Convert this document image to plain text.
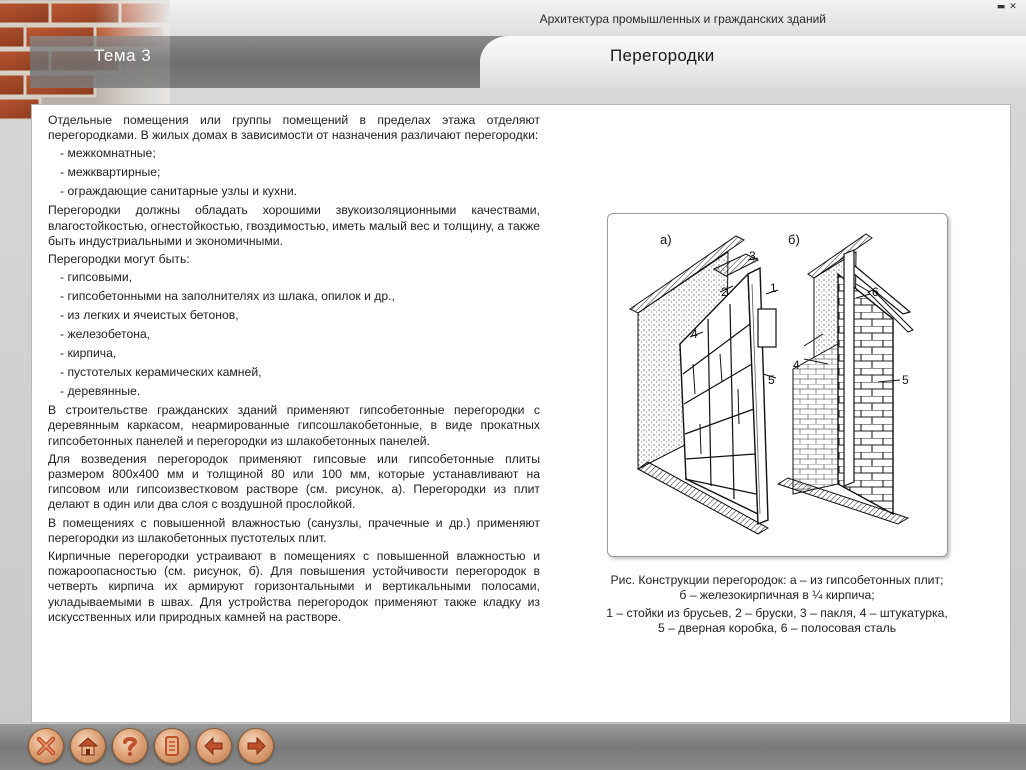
Архитектура промышленных и гражданских зданий
Тема 3	Перегородки
▬ ✕

Отдельные помещения или группы помещений в пределах этажа отделяют перегородками. В жилых домах в зависимости от назначения различают перегородки:

- межкомнатные;
- межквартирные;
- ограждающие санитарные узлы и кухни.

Перегородки должны обладать хорошими звукоизоляционными качествами, влагостойкостью, огнестойкостью, гвоздимостью, иметь малый вес и толщину, а также быть индустриальными и экономичными.

Перегородки могут быть:

- гипсовыми,
- гипсобетонными на заполнителях из шлака, опилок и др.,
- из легких и ячеистых бетонов,
- железобетона,
- кирпича,
- пустотелых керамических камней,
- деревянные.

В строительстве гражданских зданий применяют гипсобетонные перегородки с деревянным каркасом, неармированные гипсошлакобетонные, в виде прокатных гипсобетонных панелей и перегородки из шлакобетонных панелей.

Для возведения перегородок применяют гипсовые или гипсобетонные плиты размером 800х400 мм и толщиной 80 или 100 мм, которые устанавливают на гипсовом или гипсоизвестковом растворе (см. рисунок, а). Перегородки из плит делают в один или два слоя с воздушной прослойкой.

В помещениях с повышенной влажностью (санузлы, прачечные и др.) применяют перегородки из шлакобетонных пустотелых плит.

Кирпичные перегородки устраивают в помещениях с повышенной влажностью и пожароопасностью (см. рисунок, б). Для повышения устойчивости перегородок в четверть кирпича их армируют горизонтальными и вертикальными полосами, укладываемыми в швах. Для устройства перегородок применяют также кладку из искусственных или природных камней на растворе.

а)
3
2
4
1
5
б)
6
4
5

Рис. Конструкции перегородок: а – из гипсобетонных плит;
б – железокирпичная в ¼ кирпича;

1 – стойки из брусьев, 2 – бруски, 3 – пакля, 4 – штукатурка,
5 – дверная коробка, 6 – полосовая сталь
